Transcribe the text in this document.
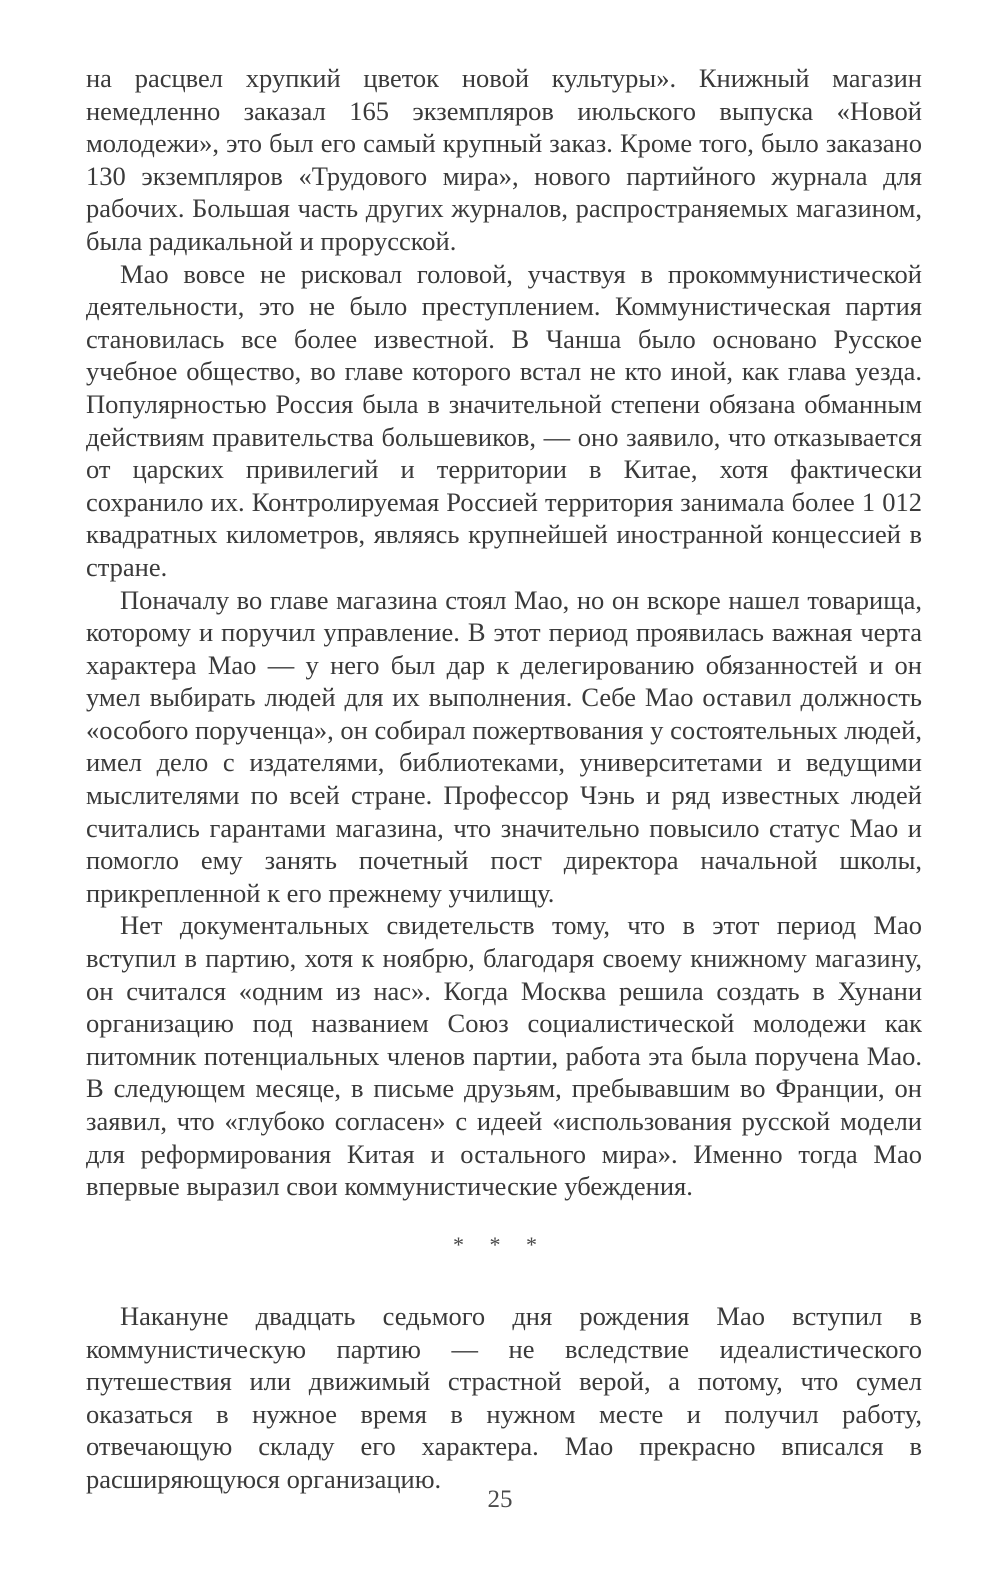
на расцвел хрупкий цветок новой культуры». Книжный магазин немедленно заказал 165 экземпляров июльского выпуска «Новой молодежи», это был его самый крупный заказ. Кроме того, было заказано 130 экземпляров «Трудового мира», нового партийного журнала для рабочих. Большая часть других журналов, распространяемых магазином, была радикальной и прорусской.

Мао вовсе не рисковал головой, участвуя в прокоммунистической деятельности, это не было преступлением. Коммунистическая партия становилась все более известной. В Чанша было основано Русское учебное общество, во главе которого встал не кто иной, как глава уезда. Популярностью Россия была в значительной степени обязана обманным действиям правительства большевиков, — оно заявило, что отказывается от царских привилегий и территории в Китае, хотя фактически сохранило их. Контролируемая Россией территория занимала более 1 012 квадратных километров, являясь крупнейшей иностранной концессией в стране.

Поначалу во главе магазина стоял Мао, но он вскоре нашел товарища, которому и поручил управление. В этот период проявилась важная черта характера Мао — у него был дар к делегированию обязанностей и он умел выбирать людей для их выполнения. Себе Мао оставил должность «особого порученца», он собирал пожертвования у состоятельных людей, имел дело с издателями, библиотеками, университетами и ведущими мыслителями по всей стране. Профессор Чэнь и ряд известных людей считались гарантами магазина, что значительно повысило статус Мао и помогло ему занять почетный пост директора начальной школы, прикрепленной к его прежнему училищу.

Нет документальных свидетельств тому, что в этот период Мао вступил в партию, хотя к ноябрю, благодаря своему книжному магазину, он считался «одним из нас». Когда Москва решила создать в Хунани организацию под названием Союз социалистической молодежи как питомник потенциальных членов партии, работа эта была поручена Мао. В следующем месяце, в письме друзьям, пребывавшим во Франции, он заявил, что «глубоко согласен» с идеей «использования русской модели для реформирования Китая и остального мира». Именно тогда Мао впервые выразил свои коммунистические убеждения.

* * *

Накануне двадцать седьмого дня рождения Мао вступил в коммунистическую партию — не вследствие идеалистического путешествия или движимый страстной верой, а потому, что сумел оказаться в нужное время в нужном месте и получил работу, отвечающую складу его характера. Мао прекрасно вписался в расширяющуюся организацию.

25
